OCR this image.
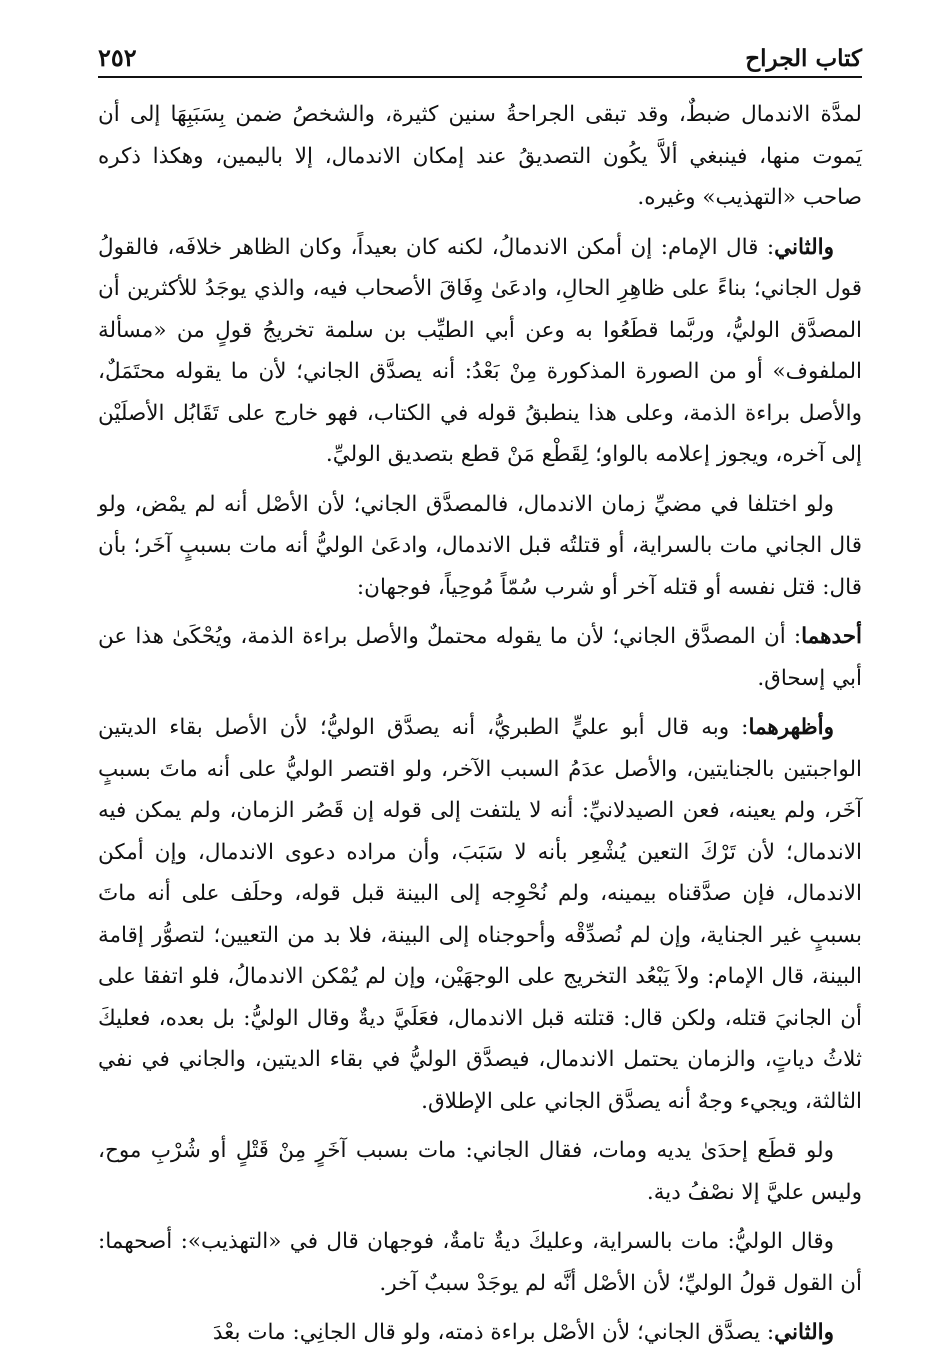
كتاب الجراح
٢٥٢

لمدَّة الاندمال ضبطٌ، وقد تبقى الجراحةُ سنين كثيرة، والشخصُ ضمن بِسَبَبِهَا إلى أن يَموت منها، فينبغي ألاَّ يكُون التصديقُ عند إمكان الاندمال، إلا باليمين، وهكذا ذكره صاحب «التهذيب» وغيره.

والثاني: قال الإمام: إن أمكن الاندمالُ، لكنه كان بعيداً، وكان الظاهر خلافَه، فالقولُ قول الجاني؛ بناءً على ظاهِرِ الحالِ، وادعَىٰ وِفَاقَ الأصحاب فيه، والذي يوجَدُ للأكثرين أن المصدَّق الوليُّ، وربَّما قطَعُوا به وعن أبي الطيِّب بن سلمة تخريجُ قولٍ من «مسألة الملفوف» أو من الصورة المذكورة مِنْ بَعْدُ: أنه يصدَّق الجاني؛ لأن ما يقوله محتَمَلٌ، والأصل براءة الذمة، وعلى هذا ينطبقُ قوله في الكتاب، فهو خارج على تَقَابُل الأصلَيْن إلى آخره، ويجوز إعلامه بالواو؛ لِقَطْع مَنْ قطع بتصديق الوليِّ.

ولو اختلفا في مضيِّ زمان الاندمال، فالمصدَّق الجاني؛ لأن الأصْل أنه لم يمْض، ولو قال الجاني مات بالسراية، أو قتلتُه قبل الاندمال، وادعَىٰ الوليُّ أنه مات بسببٍ آخَر؛ بأن قال: قتل نفسه أو قتله آخر أو شرب سُمّاً مُوحِياً، فوجهان:

أحدهما: أن المصدَّق الجاني؛ لأن ما يقوله محتملٌ والأصل براءة الذمة، ويُحْكَىٰ هذا عن أبي إسحاق.

وأظهرهما: وبه قال أبو عليٍّ الطبريُّ، أنه يصدَّق الوليُّ؛ لأن الأصل بقاء الديتين الواجبتين بالجنايتين، والأصل عدَمُ السبب الآخر، ولو اقتصر الوليُّ على أنه ماتَ بسببٍ آخَر، ولم يعينه، فعن الصيدلانيِّ: أنه لا يلتفت إلى قوله إن قَصُر الزمان، ولم يمكن فيه الاندمال؛ لأن تَرْكَ التعين يُشْعِر بأنه لا سَبَبَ، وأن مراده دعوى الاندمال، وإن أمكن الاندمال، فإن صدَّقناه بيمينه، ولم نُحْوِجه إلى البينة قبل قوله، وحلَف على أنه ماتَ بسببٍ غير الجناية، وإن لم نُصدِّقْه وأحوجناه إلى البينة، فلا بد من التعيين؛ لتصوُّر إقامة البينة، قال الإمام: ولاَ يَبْعُد التخريج على الوجهَيْن، وإن لم يُمْكن الاندمالُ، فلو اتفقا على أن الجانيَ قتله، ولكن قال: قتلته قبل الاندمال، فعَلَيَّ ديةٌ وقال الوليُّ: بل بعده، فعليكَ ثلاثُ دياتٍ، والزمان يحتمل الاندمال، فيصدَّق الوليُّ في بقاء الديتين، والجاني في نفي الثالثة، ويجيء وجهٌ أنه يصدَّق الجاني على الإطلاق.

ولو قطَع إحدَىٰ يديه ومات، فقال الجاني: مات بسبب آخَرٍ مِنْ قَتْلٍ أو شُرْبِ موح، وليس عليَّ إلا نصْفُ دية.

وقال الوليُّ: مات بالسراية، وعليكَ ديةٌ تامةٌ، فوجهان قال في «التهذيب»: أصحهما: أن القول قولُ الوليِّ؛ لأن الأصْل أنَّه لم يوجَدْ سببٌ آخر.

والثاني: يصدَّق الجاني؛ لأن الأصْل براءة ذمته، ولو قال الجانِي: مات بعْدَ
